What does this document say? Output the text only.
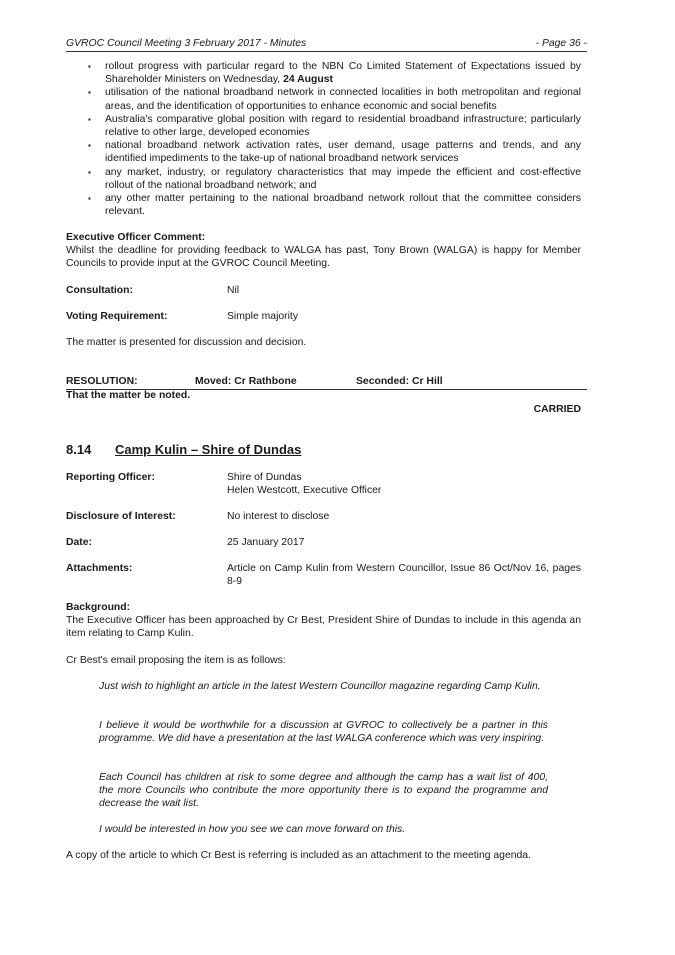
GVROC Council Meeting 3 February 2017 - Minutes	- Page 36 -
▪ rollout progress with particular regard to the NBN Co Limited Statement of Expectations issued by Shareholder Ministers on Wednesday, 24 August
▪ utilisation of the national broadband network in connected localities in both metropolitan and regional areas, and the identification of opportunities to enhance economic and social benefits
▪ Australia's comparative global position with regard to residential broadband infrastructure; particularly relative to other large, developed economies
▪ national broadband network activation rates, user demand, usage patterns and trends, and any identified impediments to the take-up of national broadband network services
▪ any market, industry, or regulatory characteristics that may impede the efficient and cost-effective rollout of the national broadband network; and
▪ any other matter pertaining to the national broadband network rollout that the committee considers relevant.
Executive Officer Comment:
Whilst the deadline for providing feedback to WALGA has past, Tony Brown (WALGA) is happy for Member Councils to provide input at the GVROC Council Meeting.
Consultation:	Nil
Voting Requirement:	Simple majority
The matter is presented for discussion and decision.
RESOLUTION:	Moved: Cr Rathbone	Seconded: Cr Hill
That the matter be noted.
CARRIED
8.14 Camp Kulin – Shire of Dundas
Reporting Officer:	Shire of Dundas
Helen Westcott, Executive Officer
Disclosure of Interest:	No interest to disclose
Date:	25 January 2017
Attachments:	Article on Camp Kulin from Western Councillor, Issue 86 Oct/Nov 16, pages 8-9
Background:
The Executive Officer has been approached by Cr Best, President Shire of Dundas to include in this agenda an item relating to Camp Kulin.
Cr Best's email proposing the item is as follows:
Just wish to highlight an article in the latest Western Councillor magazine regarding Camp Kulin.
I believe it would be worthwhile for a discussion at GVROC to collectively be a partner in this programme. We did have a presentation at the last WALGA conference which was very inspiring.
Each Council has children at risk to some degree and although the camp has a wait list of 400, the more Councils who contribute the more opportunity there is to expand the programme and decrease the wait list.
I would be interested in how you see we can move forward on this.
A copy of the article to which Cr Best is referring is included as an attachment to the meeting agenda.
